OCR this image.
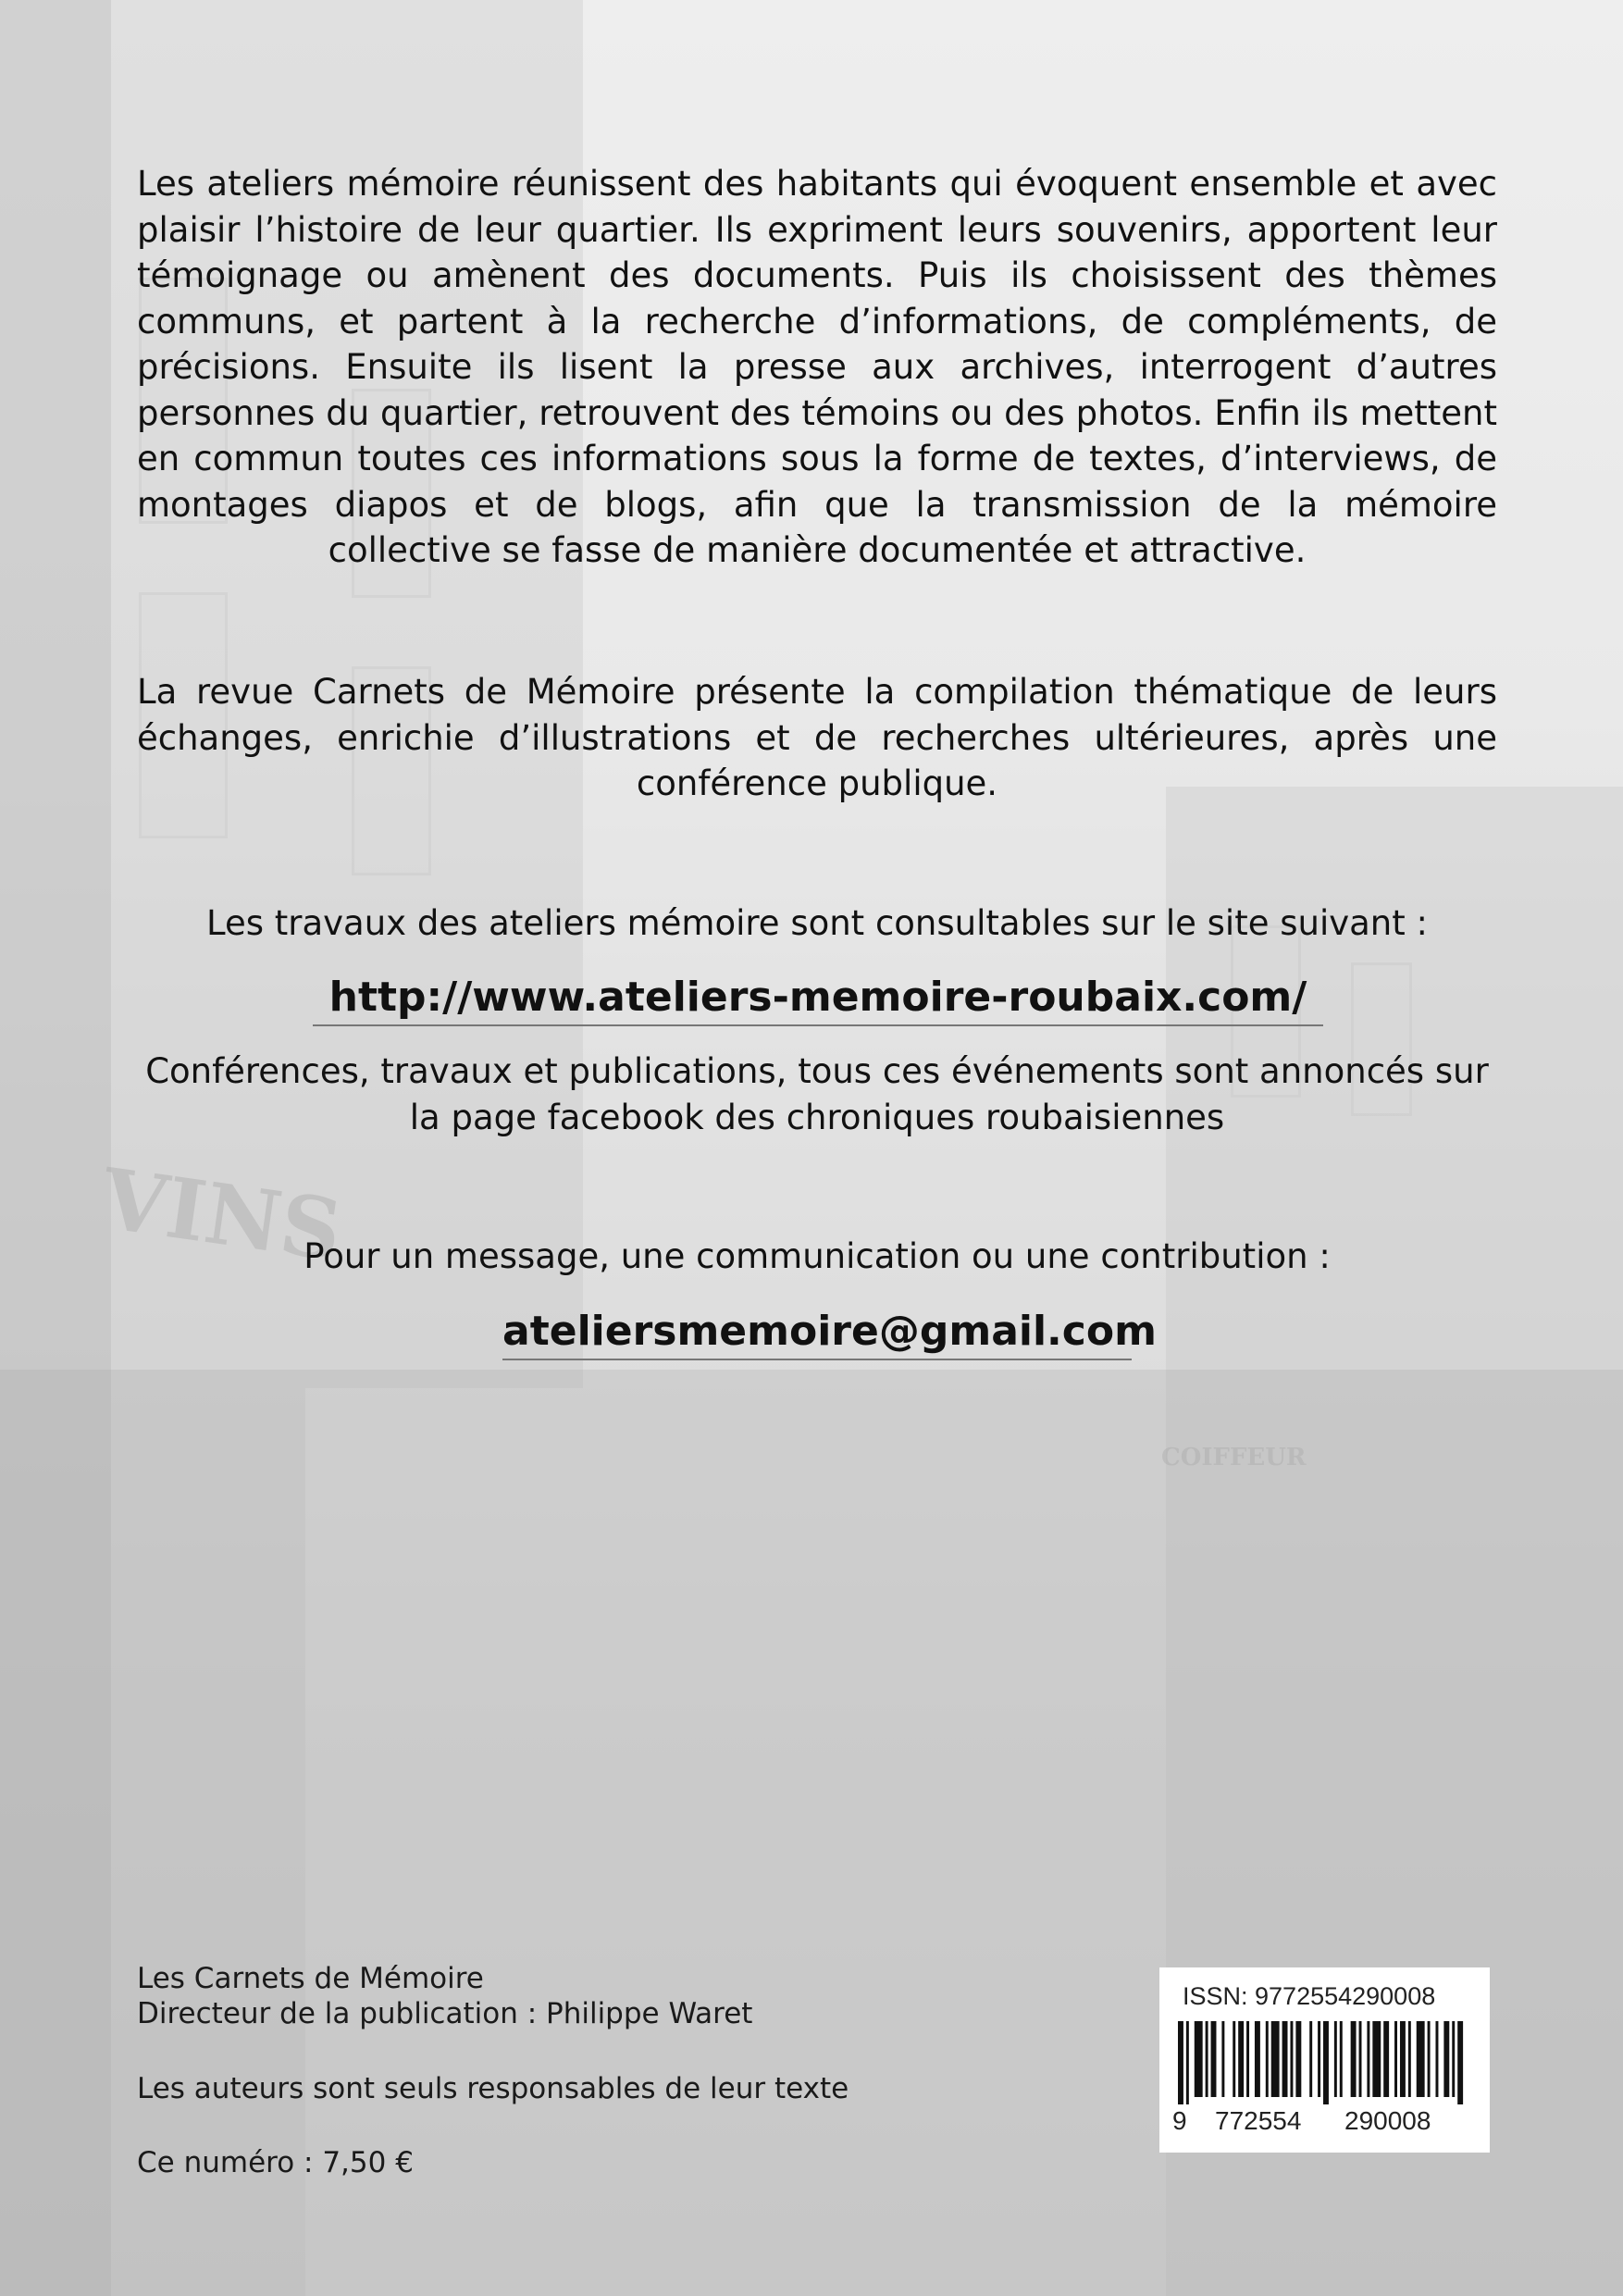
VINS
COIFFEUR
Les ateliers mémoire réunissent des habitants qui évoquent ensemble et avec plaisir l’histoire de leur quartier. Ils expriment leurs souvenirs, apportent leur témoignage ou amènent des documents. Puis ils choisissent des thèmes communs, et partent à la recherche d’informations, de compléments, de précisions. Ensuite ils lisent la presse aux archives, interrogent d’autres personnes du quartier, retrouvent des témoins ou des photos. Enfin ils mettent en commun toutes ces informations sous la forme de textes, d’interviews, de montages diapos et de blogs, afin que la transmission de la mémoire collective se fasse de manière documentée et attractive.
La revue Carnets de Mémoire présente la compilation thématique de leurs échanges, enrichie d’illustrations et de recherches ultérieures, après une conférence publique.
Les travaux des ateliers mémoire sont consultables sur le site suivant :
http://www.ateliers-memoire-roubaix.com/
Conférences, travaux et publications, tous ces événements sont annoncés sur la page facebook des chroniques roubaisiennes
Pour un message, une communication ou une contribution :
ateliersmemoire@gmail.com
Les Carnets de Mémoire
Directeur de la publication : Philippe Waret
Les auteurs sont seuls responsables de leur texte
Ce numéro : 7,50 €
ISSN: 9772554290008
9 772554 290008
